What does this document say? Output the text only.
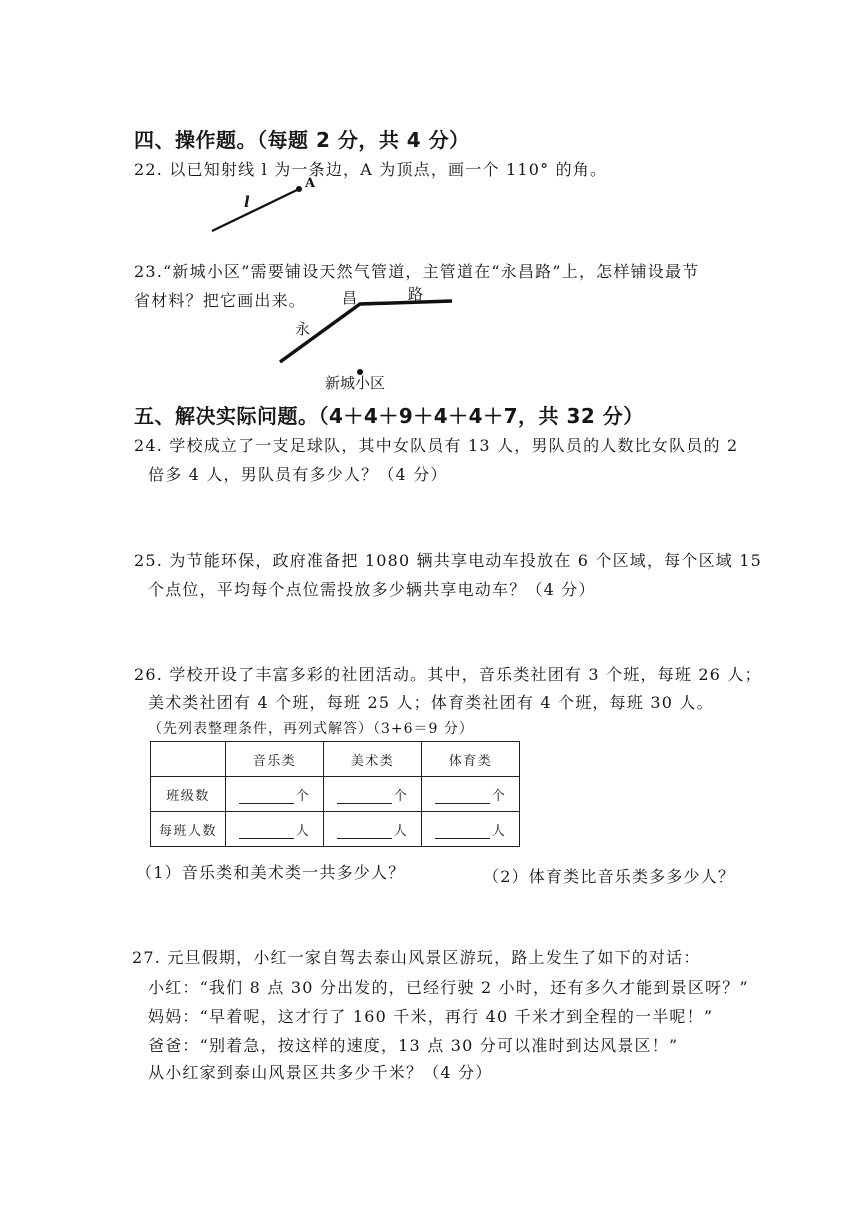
四、操作题。（每题 2 分，共 4 分）
22. 以已知射线 l 为一条边，A 为顶点，画一个 110° 的角。
l
A
23.“新城小区”需要铺设天然气管道，主管道在“永昌路”上，怎样铺设最节
省材料？把它画出来。
永
昌	路
新城小区
五、解决实际问题。（4＋4＋9＋4＋4＋7，共 32 分）
24. 学校成立了一支足球队，其中女队员有 13 人，男队员的人数比女队员的 2
倍多 4 人，男队员有多少人？（4 分）
25. 为节能环保，政府准备把 1080 辆共享电动车投放在 6 个区域，每个区域 15
个点位，平均每个点位需投放多少辆共享电动车？（4 分）
26. 学校开设了丰富多彩的社团活动。其中，音乐类社团有 3 个班，每班 26 人；
美术类社团有 4 个班，每班 25 人；体育类社团有 4 个班，每班 30 人。
（先列表整理条件，再列式解答）（3+6＝9 分）
	音乐类	美术类	体育类
班级数	个	个	个
每班人数	人	人	人
（1）音乐类和美术类一共多少人？	（2）体育类比音乐类多多少人？
27. 元旦假期，小红一家自驾去泰山风景区游玩，路上发生了如下的对话：
小红：“我们 8 点 30 分出发的，已经行驶 2 小时，还有多久才能到景区呀？”
妈妈：“早着呢，这才行了 160 千米，再行 40 千米才到全程的一半呢！”
爸爸：“别着急，按这样的速度，13 点 30 分可以准时到达风景区！”
从小红家到泰山风景区共多少千米？（4 分）
